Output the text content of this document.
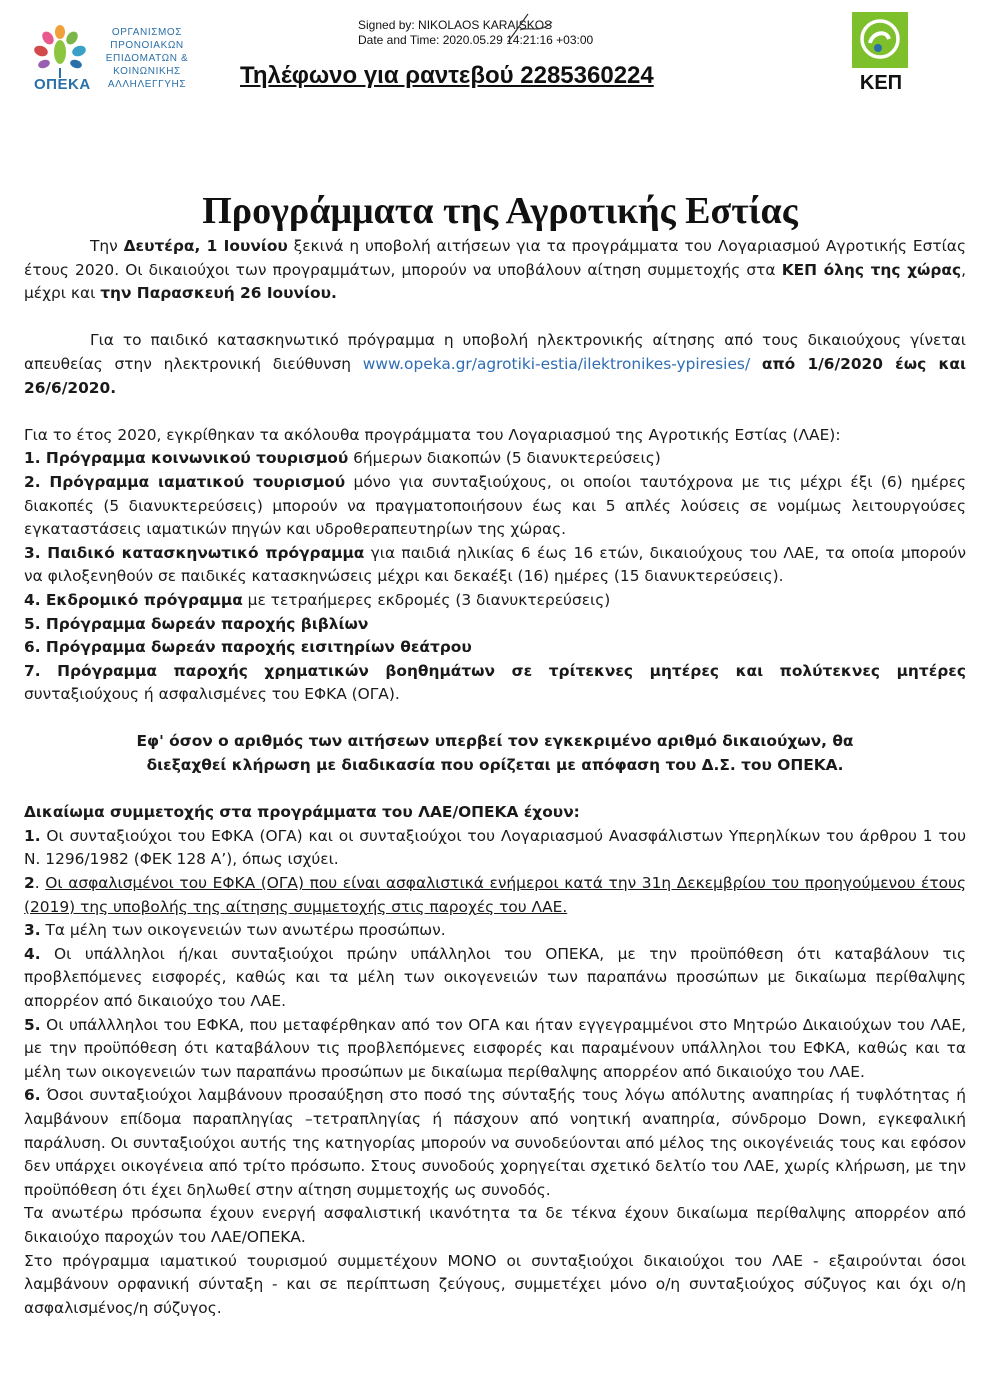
ΟΠΕΚΑ
ΟΡΓΑΝΙΣΜΟΣ
ΠΡΟΝΟΙΑΚΩΝ
ΕΠΙΔΟΜΑΤΩΝ &
ΚΟΙΝΩΝΙΚΗΣ
ΑΛΛΗΛΕΓΓΥΗΣ
Signed by: NIKOLAOS KARAISKOS
Date and Time: 2020.05.29 14:21:16 +03:00
Τηλέφωνο για ραντεβού 2285360224	ΚΕΠ
Προγράμματα της Αγροτικής Εστίας

Την Δευτέρα, 1 Ιουνίου ξεκινά η υποβολή αιτήσεων για τα προγράμματα του Λογαριασμού Αγροτικής Εστίας έτους 2020. Οι δικαιούχοι των προγραμμάτων, μπορούν να υποβάλουν αίτηση συμμετοχής στα ΚΕΠ όλης της χώρας, μέχρι και την Παρασκευή 26 Ιουνίου.

Για το παιδικό κατασκηνωτικό πρόγραμμα η υποβολή ηλεκτρονικής αίτησης από τους δικαιούχους γίνεται απευθείας στην ηλεκτρονική διεύθυνση www.opeka.gr/agrotiki-estia/ilektronikes-ypiresies/ από 1/6/2020 έως και 26/6/2020.

Για το έτος 2020, εγκρίθηκαν τα ακόλουθα προγράμματα του Λογαριασμού της Αγροτικής Εστίας (ΛΑΕ):

1. Πρόγραμμα κοινωνικού τουρισμού 6ήμερων διακοπών (5 διανυκτερεύσεις)

2. Πρόγραμμα ιαματικού τουρισμού μόνο για συνταξιούχους, οι οποίοι ταυτόχρονα με τις μέχρι έξι (6) ημέρες διακοπές (5 διανυκτερεύσεις) μπορούν να πραγματοποιήσουν έως και 5 απλές λούσεις σε νομίμως λειτουργούσες εγκαταστάσεις ιαματικών πηγών και υδροθεραπευτηρίων της χώρας.

3. Παιδικό κατασκηνωτικό πρόγραμμα για παιδιά ηλικίας 6 έως 16 ετών, δικαιούχους του ΛΑΕ, τα οποία μπορούν να φιλοξενηθούν σε παιδικές κατασκηνώσεις μέχρι και δεκαέξι (16) ημέρες (15 διανυκτερεύσεις).

4. Εκδρομικό πρόγραμμα με τετραήμερες εκδρομές (3 διανυκτερεύσεις)

5. Πρόγραμμα δωρεάν παροχής βιβλίων

6. Πρόγραμμα δωρεάν παροχής εισιτηρίων θεάτρου

7. Πρόγραμμα παροχής χρηματικών βοηθημάτων σε τρίτεκνες μητέρες και πολύτεκνες μητέρες συνταξιούχους ή ασφαλισμένες του ΕΦΚΑ (ΟΓΑ).

Εφ' όσον ο αριθμός των αιτήσεων υπερβεί τον εγκεκριμένο αριθμό δικαιούχων, θα
διεξαχθεί κλήρωση με διαδικασία που ορίζεται με απόφαση του Δ.Σ. του ΟΠΕΚΑ.

Δικαίωμα συμμετοχής στα προγράμματα του ΛΑΕ/ΟΠΕΚΑ έχουν:

1. Οι συνταξιούχοι του ΕΦΚΑ (ΟΓΑ) και οι συνταξιούχοι του Λογαριασμού Ανασφάλιστων Υπερηλίκων του άρθρου 1 του Ν. 1296/1982 (ΦΕΚ 128 Α’), όπως ισχύει.

2. Οι ασφαλισμένοι του ΕΦΚΑ (ΟΓΑ) που είναι ασφαλιστικά ενήμεροι κατά την 31η Δεκεμβρίου του προηγούμενου έτους (2019) της υποβολής της αίτησης συμμετοχής στις παροχές του ΛΑΕ.

3. Τα μέλη των οικογενειών των ανωτέρω προσώπων.

4. Οι υπάλληλοι ή/και συνταξιούχοι πρώην υπάλληλοι του ΟΠΕΚΑ, με την προϋπόθεση ότι καταβάλουν τις προβλεπόμενες εισφορές, καθώς και τα μέλη των οικογενειών των παραπάνω προσώπων με δικαίωμα περίθαλψης απορρέον από δικαιούχο του ΛΑΕ.

5. Οι υπάλλληλοι του ΕΦΚΑ, που μεταφέρθηκαν από τον ΟΓΑ και ήταν εγγεγραμμένοι στο Μητρώο Δικαιούχων του ΛΑΕ, με την προϋπόθεση ότι καταβάλουν τις προβλεπόμενες εισφορές και παραμένουν υπάλληλοι του ΕΦΚΑ, καθώς και τα μέλη των οικογενειών των παραπάνω προσώπων με δικαίωμα περίθαλψης απορρέον από δικαιούχο του ΛΑΕ.

6. Όσοι συνταξιούχοι λαμβάνουν προσαύξηση στο ποσό της σύνταξής τους λόγω απόλυτης αναπηρίας ή τυφλότητας ή λαμβάνουν επίδομα παραπληγίας –τετραπληγίας ή πάσχουν από νοητική αναπηρία, σύνδρομο Down, εγκεφαλική παράλυση. Οι συνταξιούχοι αυτής της κατηγορίας μπορούν να συνοδεύονται από μέλος της οικογένειάς τους και εφόσον δεν υπάρχει οικογένεια από τρίτο πρόσωπο. Στους συνοδούς χορηγείται σχετικό δελτίο του ΛΑΕ, χωρίς κλήρωση, με την προϋπόθεση ότι έχει δηλωθεί στην αίτηση συμμετοχής ως συνοδός.

Τα ανωτέρω πρόσωπα έχουν ενεργή ασφαλιστική ικανότητα τα δε τέκνα έχουν δικαίωμα περίθαλψης απορρέον από δικαιούχο παροχών του ΛΑΕ/ΟΠΕΚΑ.

Στο πρόγραμμα ιαματικού τουρισμού συμμετέχουν ΜΟΝΟ οι συνταξιούχοι δικαιούχοι του ΛΑΕ - εξαιρούνται όσοι λαμβάνουν ορφανική σύνταξη - και σε περίπτωση ζεύγους, συμμετέχει μόνο ο/η συνταξιούχος σύζυγος και όχι ο/η ασφαλισμένος/η σύζυγος.
